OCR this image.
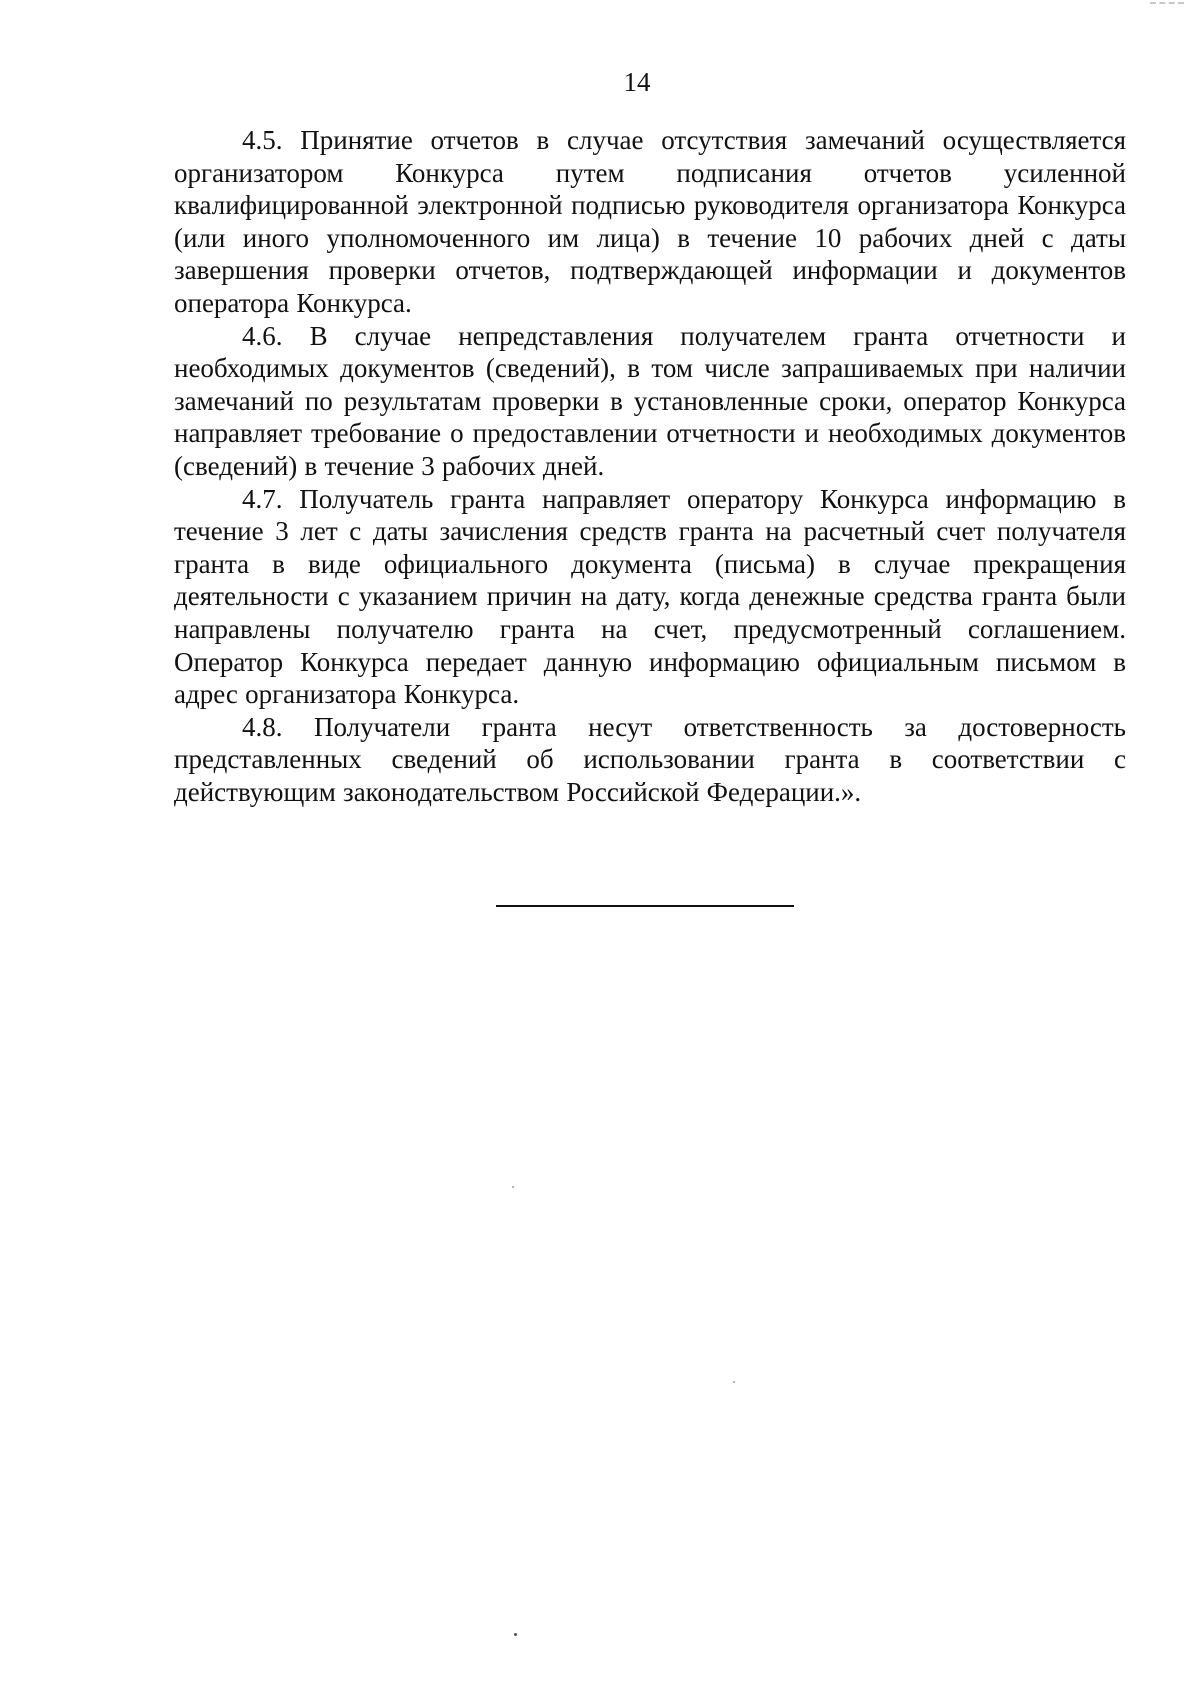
14

4.5. Принятие отчетов в случае отсутствия замечаний осуществляется организатором Конкурса путем подписания отчетов усиленной квалифицированной электронной подписью руководителя организатора Конкурса (или иного уполномоченного им лица) в течение 10 рабочих дней с даты завершения проверки отчетов, подтверждающей информации и документов оператора Конкурса.

4.6. В случае непредставления получателем гранта отчетности и необходимых документов (сведений), в том числе запрашиваемых при наличии замечаний по результатам проверки в установленные сроки, оператор Конкурса направляет требование о предоставлении отчетности и необходимых документов (сведений) в течение 3 рабочих дней.

4.7. Получатель гранта направляет оператору Конкурса информацию в течение 3 лет с даты зачисления средств гранта на расчетный счет получателя гранта в виде официального документа (письма) в случае прекращения деятельности с указанием причин на дату, когда денежные средства гранта были направлены получателю гранта на счет, предусмотренный соглашением. Оператор Конкурса передает данную информацию официальным письмом в адрес организатора Конкурса.

4.8. Получатели гранта несут ответственность за достоверность представленных сведений об использовании гранта в соответствии с действующим законодательством Российской Федерации.».
